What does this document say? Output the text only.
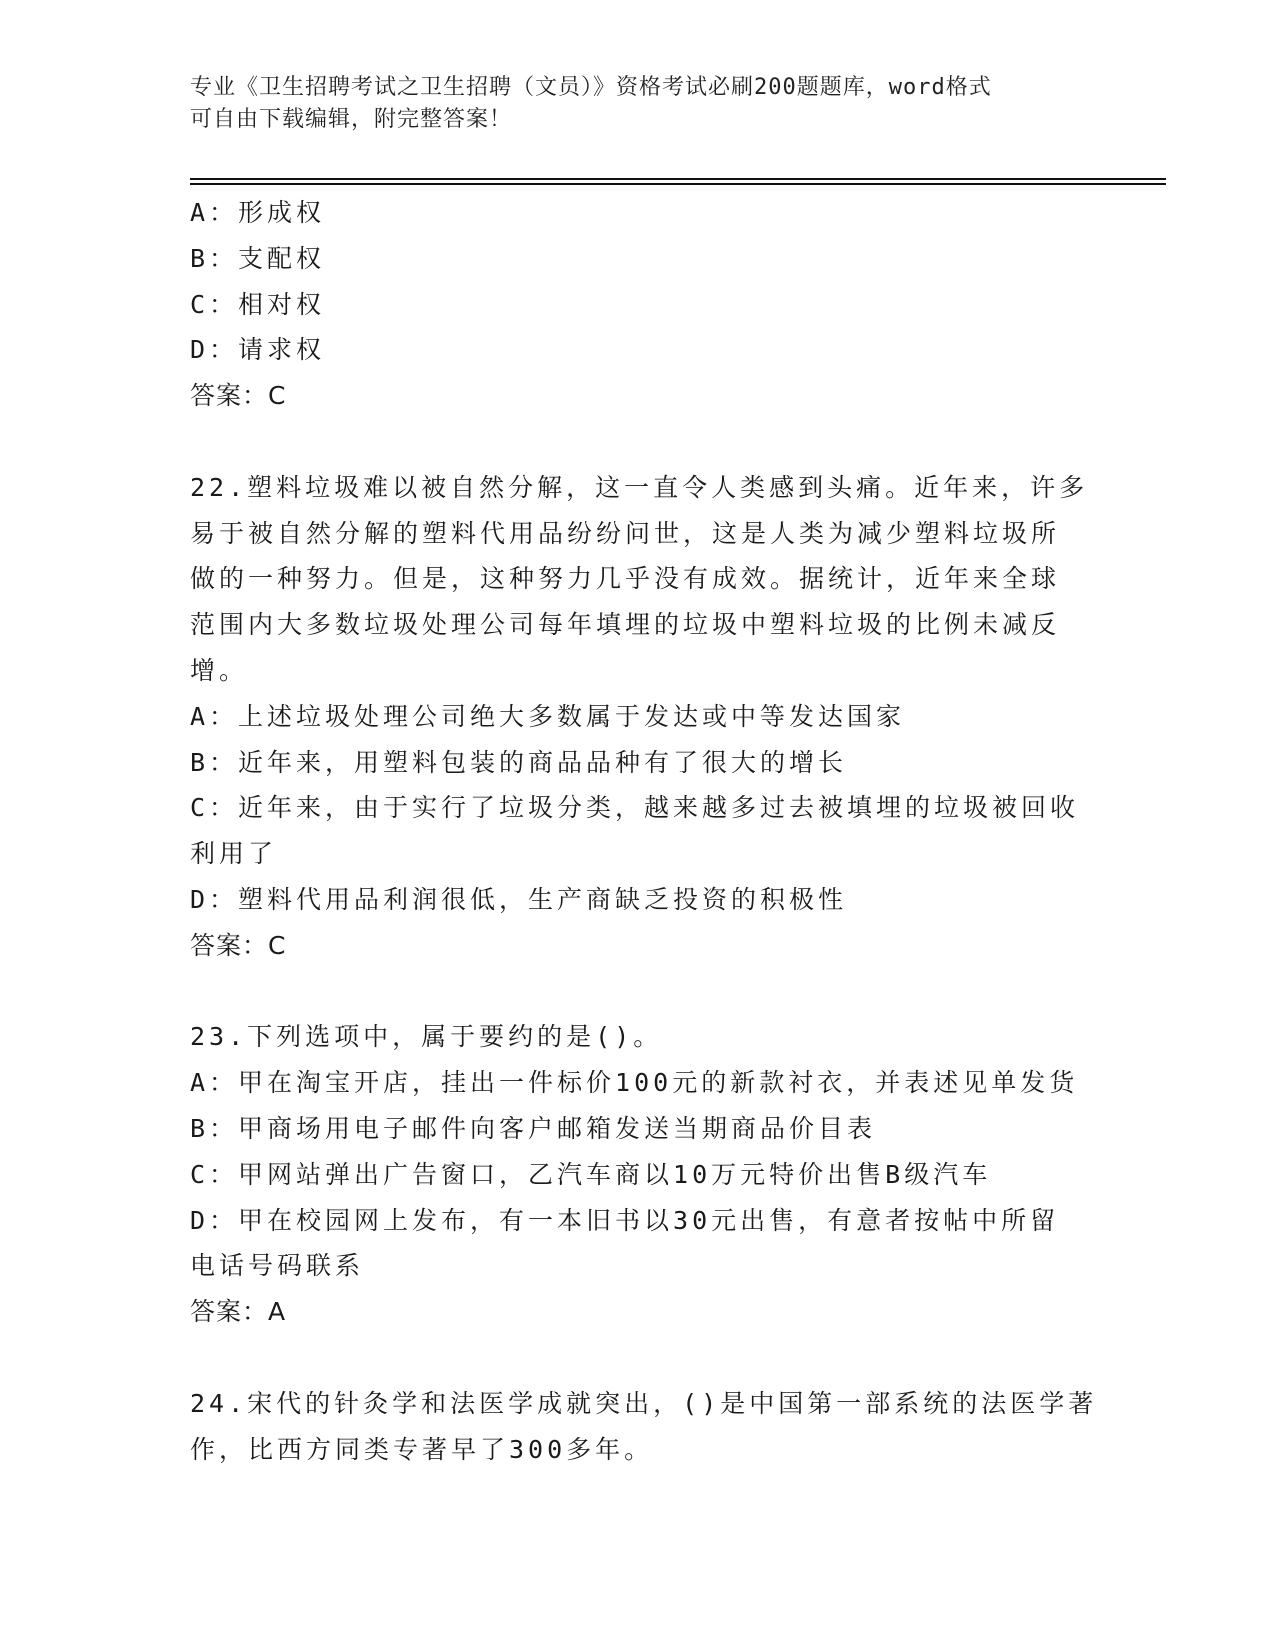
专业《卫生招聘考试之卫生招聘（文员）》资格考试必刷200题题库，word格式
可自由下载编辑，附完整答案！
A：形成权
B：支配权
C：相对权
D：请求权
答案：C
22.塑料垃圾难以被自然分解，这一直令人类感到头痛。近年来，许多
易于被自然分解的塑料代用品纷纷问世，这是人类为减少塑料垃圾所
做的一种努力。但是，这种努力几乎没有成效。据统计，近年来全球
范围内大多数垃圾处理公司每年填埋的垃圾中塑料垃圾的比例未减反
增。
A：上述垃圾处理公司绝大多数属于发达或中等发达国家
B：近年来，用塑料包装的商品品种有了很大的增长
C：近年来，由于实行了垃圾分类，越来越多过去被填埋的垃圾被回收
利用了
D：塑料代用品利润很低，生产商缺乏投资的积极性
答案：C
23.下列选项中，属于要约的是()。
A：甲在淘宝开店，挂出一件标价100元的新款衬衣，并表述见单发货
B：甲商场用电子邮件向客户邮箱发送当期商品价目表
C：甲网站弹出广告窗口，乙汽车商以10万元特价出售B级汽车
D：甲在校园网上发布，有一本旧书以30元出售，有意者按帖中所留
电话号码联系
答案：A
24.宋代的针灸学和法医学成就突出，()是中国第一部系统的法医学著
作，比西方同类专著早了300多年。
